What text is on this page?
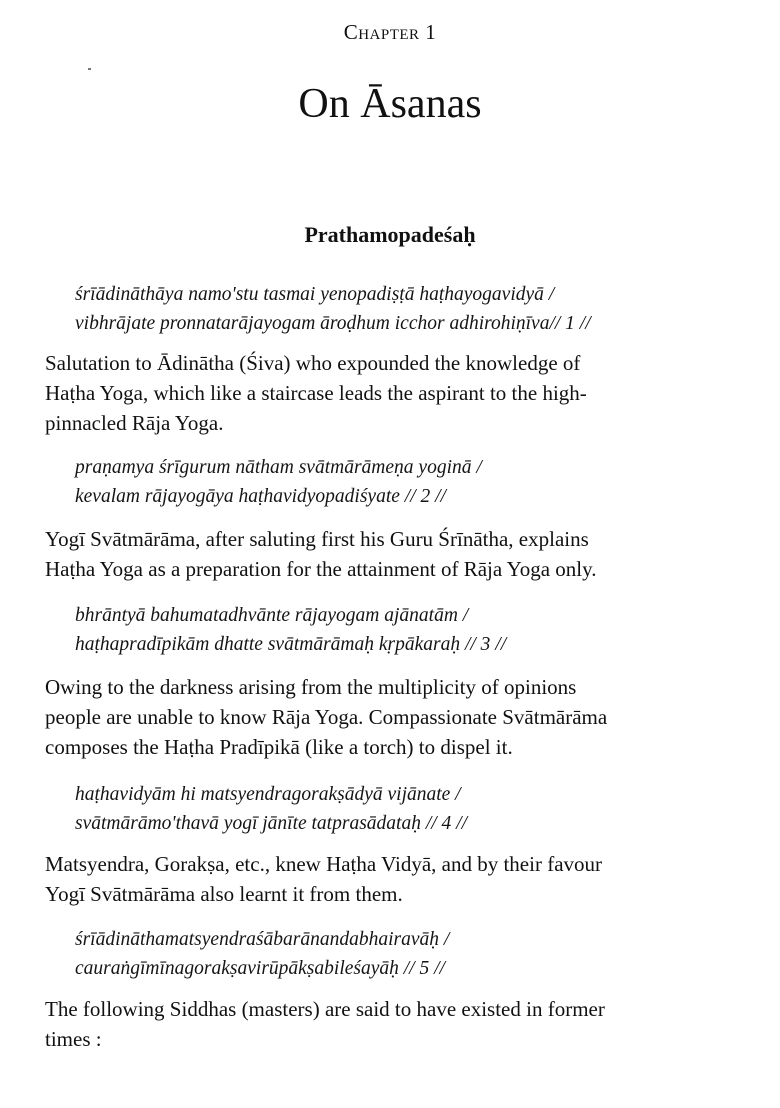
Chapter 1
On Āsanas
Prathamopadeśaḥ
śrīādināthāya namo'stu tasmai yenopadiṣṭā haṭhayogavidyā /
vibhrājate pronnatarājayogam āroḍhum icchor adhirohiṇīva// 1 //
Salutation to Ādinātha (Śiva) who expounded the knowledge of
Haṭha Yoga, which like a staircase leads the aspirant to the high-
pinnacled Rāja Yoga.
praṇamya śrīgurum nātham svātmārāmeṇa yoginā /
kevalam rājayogāya haṭhavidyopadiśyate // 2 //
Yogī Svātmārāma, after saluting first his Guru Śrīnātha, explains
Haṭha Yoga as a preparation for the attainment of Rāja Yoga only.
bhrāntyā bahumatadhvānte rājayogam ajānatām /
haṭhapradīpikām dhatte svātmārāmaḥ kṛpākaraḥ // 3 //
Owing to the darkness arising from the multiplicity of opinions
people are unable to know Rāja Yoga. Compassionate Svātmārāma
composes the Haṭha Pradīpikā (like a torch) to dispel it.
haṭhavidyām hi matsyendragorakṣādyā vijānate /
svātmārāmo'thavā yogī jānīte tatprasādataḥ // 4 //
Matsyendra, Gorakṣa, etc., knew Haṭha Vidyā, and by their favour
Yogī Svātmārāma also learnt it from them.
śrīādināthamatsyendraśābarānandabhairavāḥ /
cauraṅgīmīnagorakṣavirūpākṣabileśayāḥ // 5 //
The following Siddhas (masters) are said to have existed in former
times :
